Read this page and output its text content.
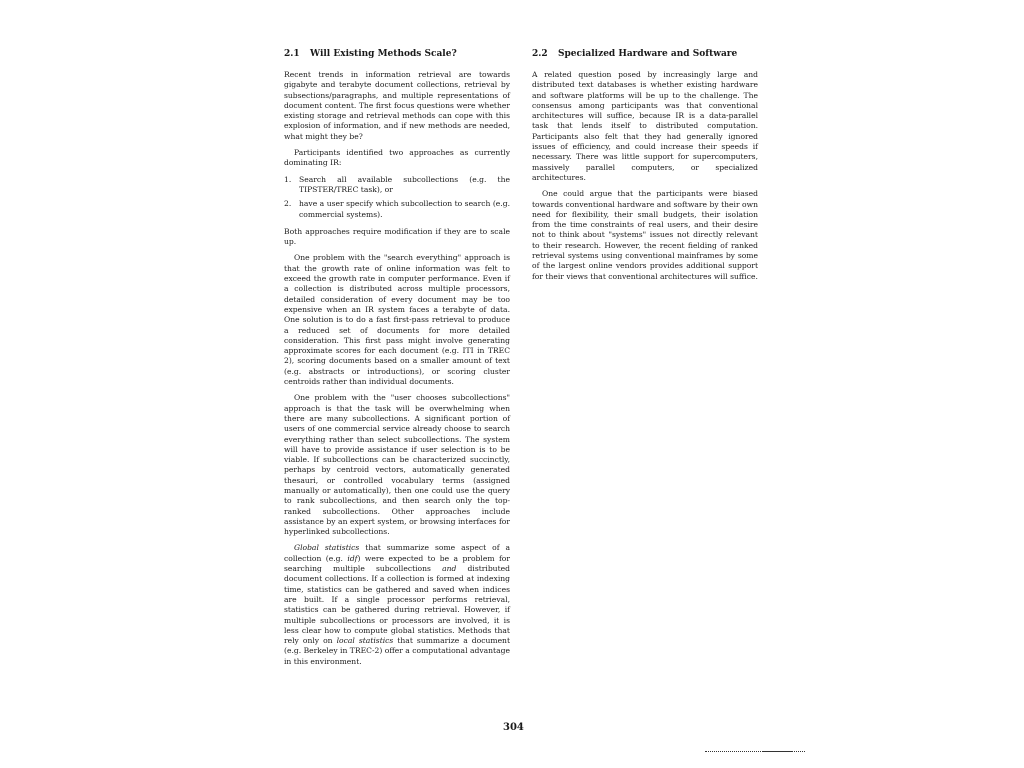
2.1 Will Existing Methods Scale?

Recent trends in information retrieval are towards gigabyte and terabyte document collections, retrieval by subsections/paragraphs, and multiple representations of document content. The first focus questions were whether existing storage and retrieval methods can cope with this explosion of information, and if new methods are needed, what might they be?

Participants identified two approaches as currently dominating IR:

1. Search all available subcollections (e.g. the TIPSTER/TREC task), or
2. have a user specify which subcollection to search (e.g. commercial systems).

Both approaches require modification if they are to scale up.

One problem with the "search everything" approach is that the growth rate of online information was felt to exceed the growth rate in computer performance. Even if a collection is distributed across multiple processors, detailed consideration of every document may be too expensive when an IR system faces a terabyte of data. One solution is to do a fast first-pass retrieval to produce a reduced set of documents for more detailed consideration. This first pass might involve generating approximate scores for each document (e.g. ITI in TREC 2), scoring documents based on a smaller amount of text (e.g. abstracts or introductions), or scoring cluster centroids rather than individual documents.

One problem with the "user chooses subcollections" approach is that the task will be overwhelming when there are many subcollections. A significant portion of users of one commercial service already choose to search everything rather than select subcollections. The system will have to provide assistance if user selection is to be viable. If subcollections can be characterized succinctly, perhaps by centroid vectors, automatically generated thesauri, or controlled vocabulary terms (assigned manually or automatically), then one could use the query to rank subcollections, and then search only the top-ranked subcollections. Other approaches include assistance by an expert system, or browsing interfaces for hyperlinked subcollections.

Global statistics that summarize some aspect of a collection (e.g. idf) were expected to be a problem for searching multiple subcollections and distributed document collections. If a collection is formed at indexing time, statistics can be gathered and saved when indices are built. If a single processor performs retrieval, statistics can be gathered during retrieval. However, if multiple subcollections or processors are involved, it is less clear how to compute global statistics. Methods that rely only on local statistics that summarize a document (e.g. Berkeley in TREC-2) offer a computational advantage in this environment.

2.2 Specialized Hardware and Software

A related question posed by increasingly large and distributed text databases is whether existing hardware and software platforms will be up to the challenge. The consensus among participants was that conventional architectures will suffice, because IR is a data-parallel task that lends itself to distributed computation. Participants also felt that they had generally ignored issues of efficiency, and could increase their speeds if necessary. There was little support for supercomputers, massively parallel computers, or specialized architectures.

One could argue that the participants were biased towards conventional hardware and software by their own need for flexibility, their small budgets, their isolation from the time constraints of real users, and their desire not to think about "systems" issues not directly relevant to their research. However, the recent fielding of ranked retrieval systems using conventional mainframes by some of the largest online vendors provides additional support for their views that conventional architectures will suffice.

304
